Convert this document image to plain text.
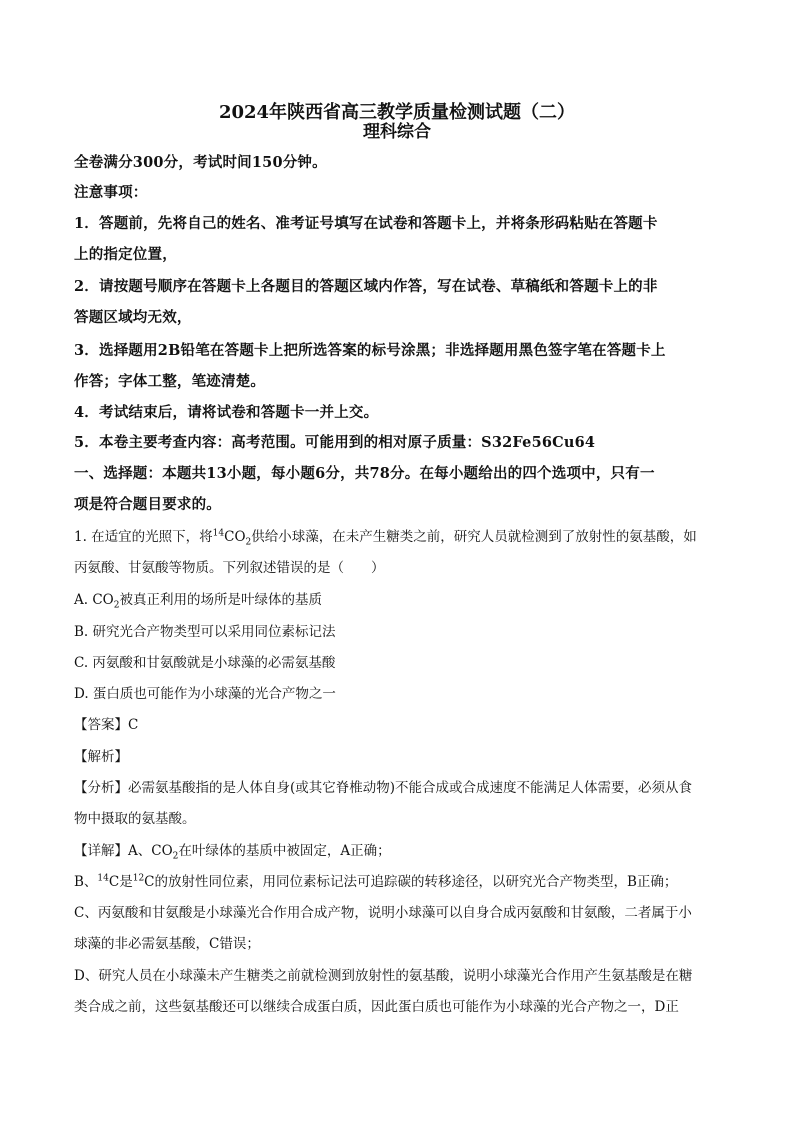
2024年陕西省高三教学质量检测试题（二）
理科综合
全卷满分300分，考试时间150分钟。
注意事项：
1．答题前，先将自己的姓名、准考证号填写在试卷和答题卡上，并将条形码粘贴在答题卡
上的指定位置，
2．请按题号顺序在答题卡上各题目的答题区域内作答，写在试卷、草稿纸和答题卡上的非
答题区域均无效，
3．选择题用2B铅笔在答题卡上把所选答案的标号涂黑；非选择题用黑色签字笔在答题卡上
作答；字体工整，笔迹清楚。
4．考试结束后，请将试卷和答题卡一并上交。
5．本卷主要考查内容：高考范围。可能用到的相对原子质量：S32Fe56Cu64
一、选择题：本题共13小题，每小题6分，共78分。在每小题给出的四个选项中，只有一
项是符合题目要求的。
1. 在适宜的光照下，将$^{14}CO_2$供给小球藻，在未产生糖类之前，研究人员就检测到了放射性的氨基酸，如
丙氨酸、甘氨酸等物质。下列叙述错误的是（　　）
A. $CO_2$被真正利用的场所是叶绿体的基质
B. 研究光合产物类型可以采用同位素标记法
C. 丙氨酸和甘氨酸就是小球藻的必需氨基酸
D. 蛋白质也可能作为小球藻的光合产物之一
【答案】C
【解析】
【分析】必需氨基酸指的是人体自身(或其它脊椎动物)不能合成或合成速度不能满足人体需要，必须从食
物中摄取的氨基酸。
【详解】A、$CO_2$在叶绿体的基质中被固定，A正确；
B、$^{14}$C是$^{12}$C的放射性同位素，用同位素标记法可追踪碳的转移途径，以研究光合产物类型，B正确；
C、丙氨酸和甘氨酸是小球藻光合作用合成产物，说明小球藻可以自身合成丙氨酸和甘氨酸，二者属于小
球藻的非必需氨基酸，C错误；
D、研究人员在小球藻未产生糖类之前就检测到放射性的氨基酸，说明小球藻光合作用产生氨基酸是在糖
类合成之前，这些氨基酸还可以继续合成蛋白质，因此蛋白质也可能作为小球藻的光合产物之一，D正
